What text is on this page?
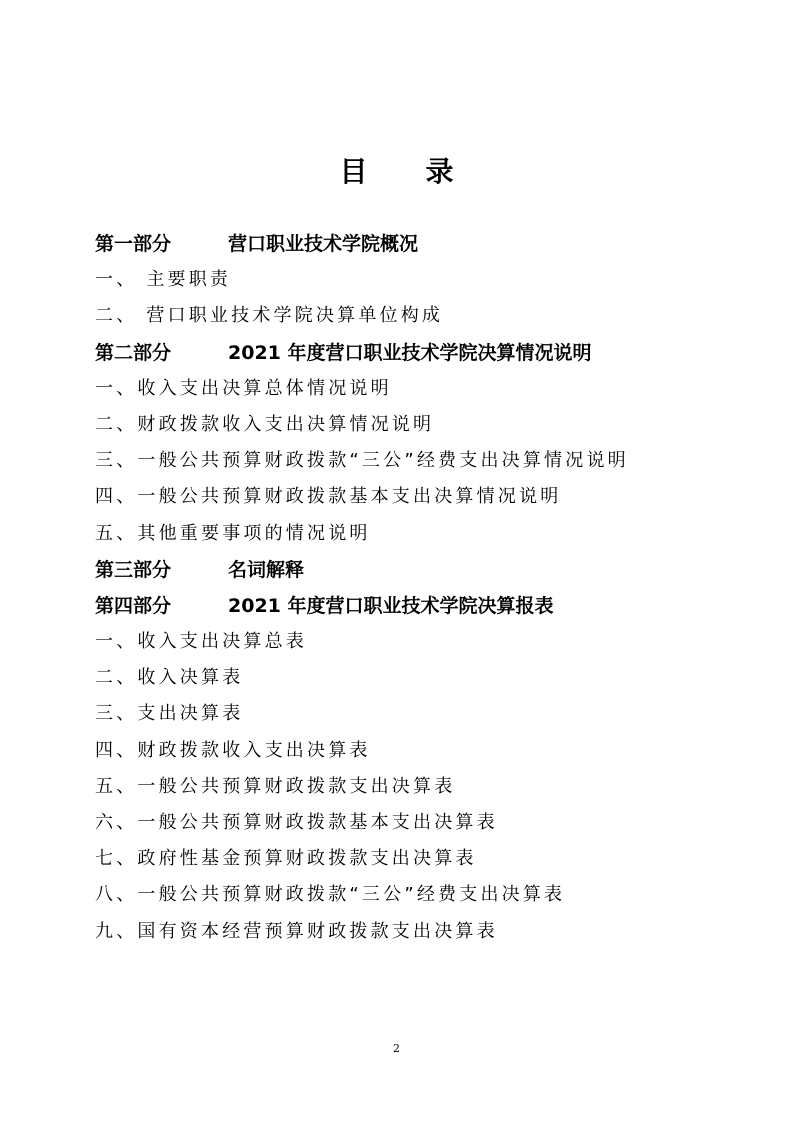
目 录
第一部分	营口职业技术学院概况
一、 主要职责
二、 营口职业技术学院决算单位构成
第二部分	2021 年度营口职业技术学院决算情况说明
一、收入支出决算总体情况说明
二、财政拨款收入支出决算情况说明
三、一般公共预算财政拨款“三公”经费支出决算情况说明
四、一般公共预算财政拨款基本支出决算情况说明
五、其他重要事项的情况说明
第三部分	名词解释
第四部分	2021 年度营口职业技术学院决算报表
一、收入支出决算总表
二、收入决算表
三、支出决算表
四、财政拨款收入支出决算表
五、一般公共预算财政拨款支出决算表
六、一般公共预算财政拨款基本支出决算表
七、政府性基金预算财政拨款支出决算表
八、一般公共预算财政拨款“三公”经费支出决算表
九、国有资本经营预算财政拨款支出决算表
2
